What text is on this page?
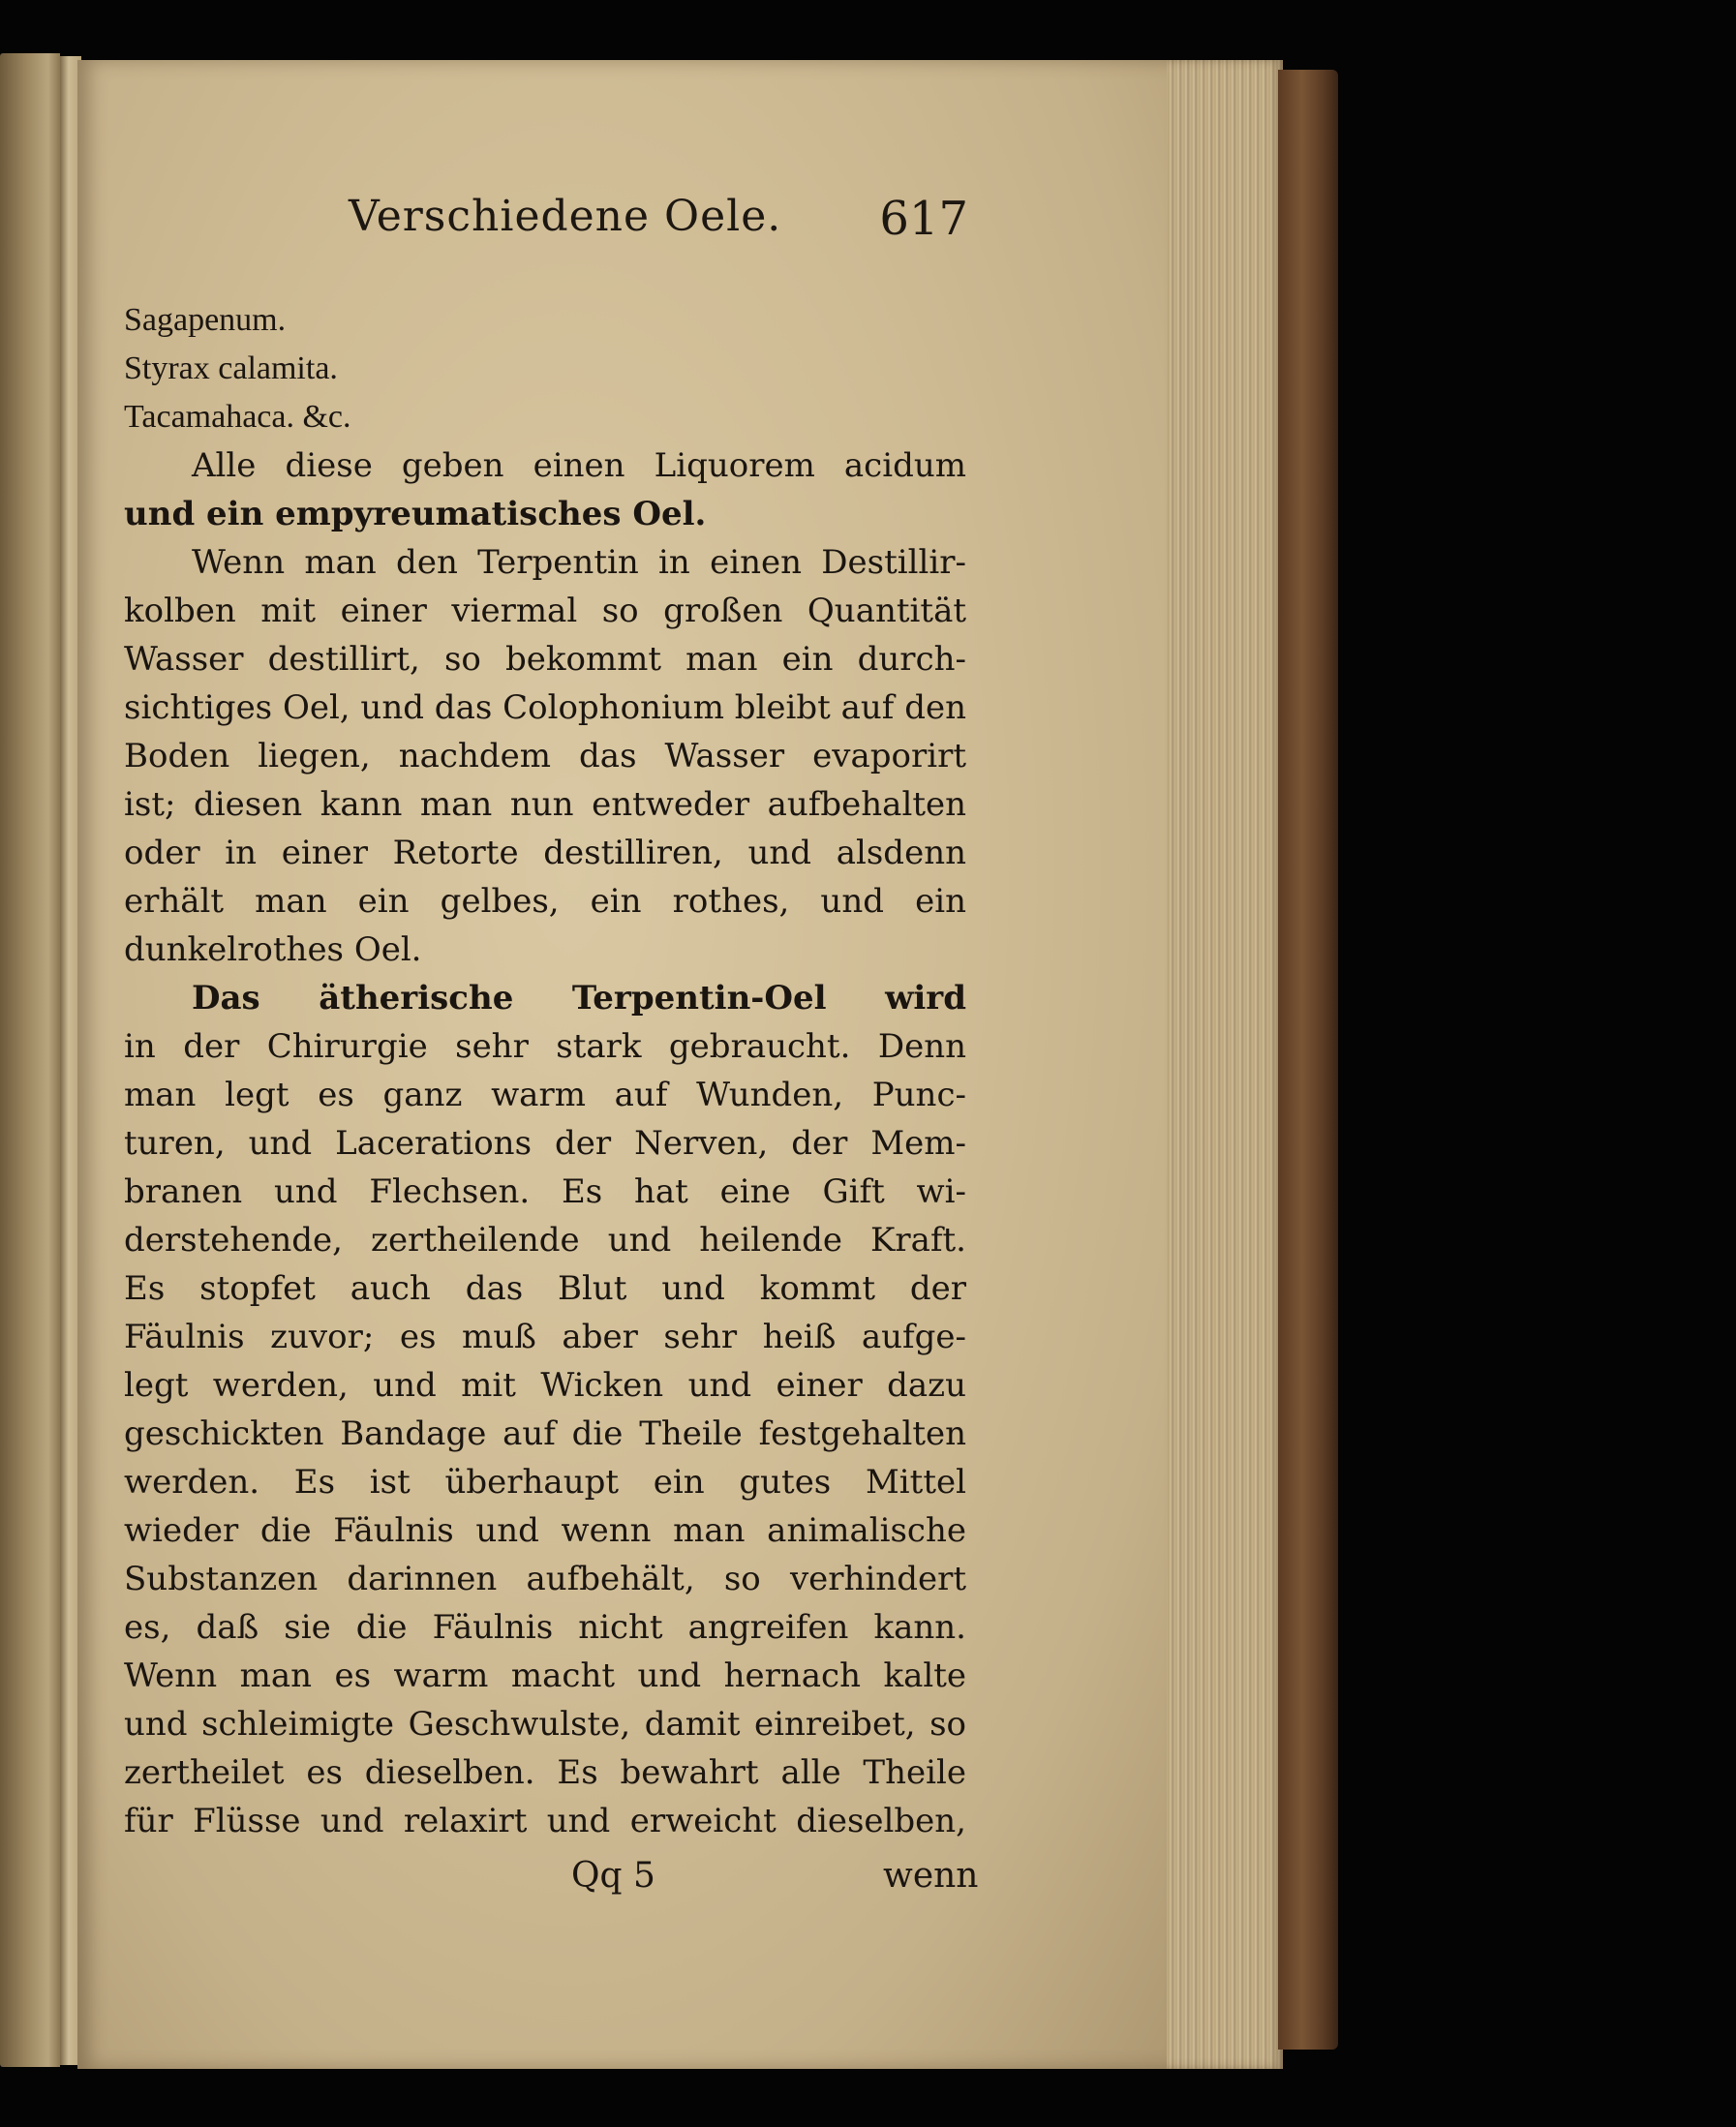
Verschiedene Oele. 617
Sagapenum.
Styrax calamita.
Tacamahaca. &c.
Alle diese geben einen Liquorem acidum
und ein empyreumatisches Oel.
Wenn man den Terpentin in einen Destillir-
kolben mit einer viermal so großen Quantität
Wasser destillirt, so bekommt man ein durch-
sichtiges Oel, und das Colophonium bleibt auf den
Boden liegen, nachdem das Wasser evaporirt
ist; diesen kann man nun entweder aufbehalten
oder in einer Retorte destilliren, und alsdenn
erhält man ein gelbes, ein rothes, und ein
dunkelrothes Oel.
Das ätherische Terpentin-Oel wird
in der Chirurgie sehr stark gebraucht. Denn
man legt es ganz warm auf Wunden, Punc-
turen, und Lacerations der Nerven, der Mem-
branen und Flechsen. Es hat eine Gift wi-
derstehende, zertheilende und heilende Kraft.
Es stopfet auch das Blut und kommt der
Fäulnis zuvor; es muß aber sehr heiß aufge-
legt werden, und mit Wicken und einer dazu
geschickten Bandage auf die Theile festgehalten
werden. Es ist überhaupt ein gutes Mittel
wieder die Fäulnis und wenn man animalische
Substanzen darinnen aufbehält, so verhindert
es, daß sie die Fäulnis nicht angreifen kann.
Wenn man es warm macht und hernach kalte
und schleimigte Geschwulste, damit einreibet, so
zertheilet es dieselben. Es bewahrt alle Theile
für Flüsse und relaxirt und erweicht dieselben,
Qq 5	wenn
